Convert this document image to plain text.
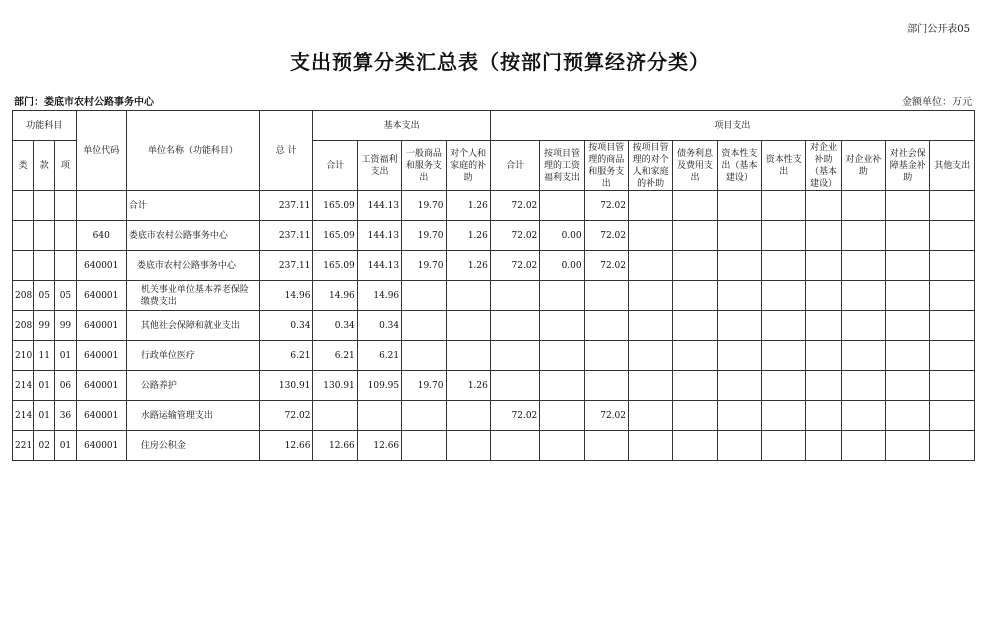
部门公开表05
支出预算分类汇总表（按部门预算经济分类）
部门：娄底市农村公路事务中心	金额单位：万元
功能科目			单位代码	单位名称（功能科目）	总 计	基本支出				项目支出										
类	款	项				合计	工资福利支出	一般商品和服务支出	对个人和家庭的补助	合计	按项目管理的工资福利支出	按项目管理的商品和服务支出	按项目管理的对个人和家庭的补助	债务利息及费用支出	资本性支出（基本建设）	资本性支出	对企业补助（基本建设）	对企业补助	对社会保障基金补助	其他支出
				合计	237.11	165.09	144.13	19.70	1.26	72.02		72.02								
			640	娄底市农村公路事务中心	237.11	165.09	144.13	19.70	1.26	72.02	0.00	72.02								
			640001	娄底市农村公路事务中心	237.11	165.09	144.13	19.70	1.26	72.02	0.00	72.02								
208	05	05	640001	机关事业单位基本养老保险缴费支出	14.96	14.96	14.96													
208	99	99	640001	其他社会保障和就业支出	0.34	0.34	0.34													
210	11	01	640001	行政单位医疗	6.21	6.21	6.21													
214	01	06	640001	公路养护	130.91	130.91	109.95	19.70	1.26											
214	01	36	640001	水路运输管理支出	72.02					72.02		72.02								
221	02	01	640001	住房公积金	12.66	12.66	12.66													
